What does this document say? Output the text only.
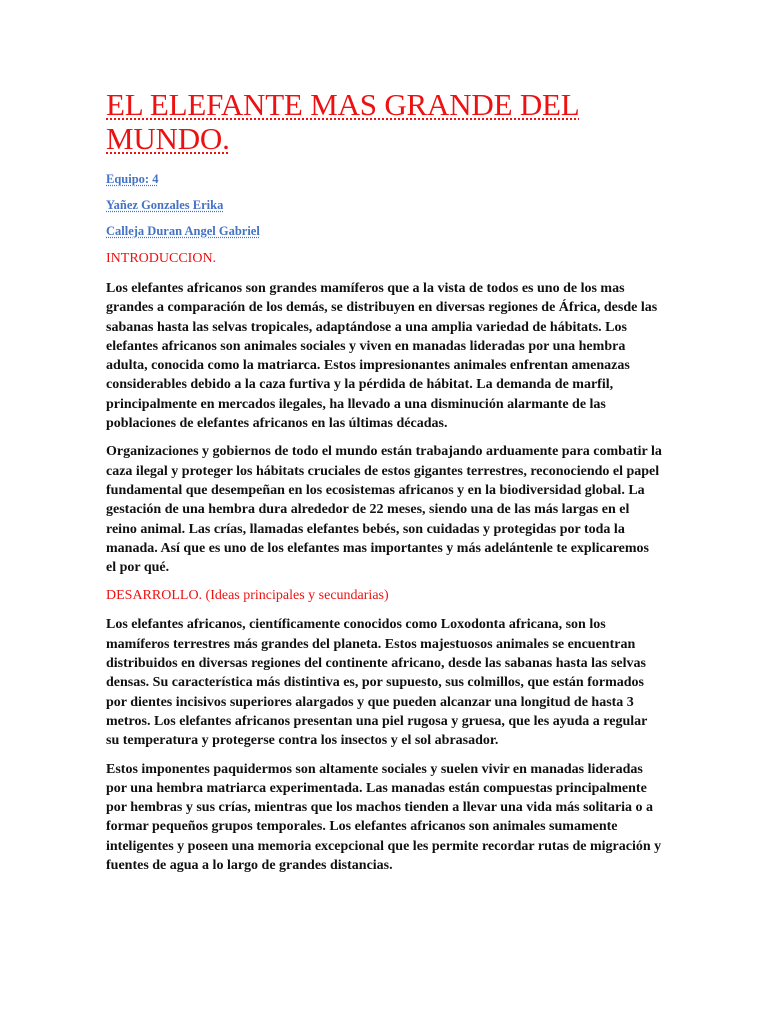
EL ELEFANTE MAS GRANDE DEL MUNDO.

Equipo: 4

Yañez Gonzales Erika

Calleja Duran Angel Gabriel

INTRODUCCION.

Los elefantes africanos son grandes mamíferos que a la vista de todos es uno de los mas grandes a comparación de los demás, se distribuyen en diversas regiones de África, desde las sabanas hasta las selvas tropicales, adaptándose a una amplia variedad de hábitats. Los elefantes africanos son animales sociales y viven en manadas lideradas por una hembra adulta, conocida como la matriarca. Estos impresionantes animales enfrentan amenazas considerables debido a la caza furtiva y la pérdida de hábitat. La demanda de marfil, principalmente en mercados ilegales, ha llevado a una disminución alarmante de las poblaciones de elefantes africanos en las últimas décadas.

Organizaciones y gobiernos de todo el mundo están trabajando arduamente para combatir la caza ilegal y proteger los hábitats cruciales de estos gigantes terrestres, reconociendo el papel fundamental que desempeñan en los ecosistemas africanos y en la biodiversidad global. La gestación de una hembra dura alrededor de 22 meses, siendo una de las más largas en el reino animal. Las crías, llamadas elefantes bebés, son cuidadas y protegidas por toda la manada. Así que es uno de los elefantes mas importantes y más adelántenle te explicaremos el por qué.

DESARROLLO. (Ideas principales y secundarias)

Los elefantes africanos, científicamente conocidos como Loxodonta africana, son los mamíferos terrestres más grandes del planeta. Estos majestuosos animales se encuentran distribuidos en diversas regiones del continente africano, desde las sabanas hasta las selvas densas. Su característica más distintiva es, por supuesto, sus colmillos, que están formados por dientes incisivos superiores alargados y que pueden alcanzar una longitud de hasta 3 metros. Los elefantes africanos presentan una piel rugosa y gruesa, que les ayuda a regular su temperatura y protegerse contra los insectos y el sol abrasador.

Estos imponentes paquidermos son altamente sociales y suelen vivir en manadas lideradas por una hembra matriarca experimentada. Las manadas están compuestas principalmente por hembras y sus crías, mientras que los machos tienden a llevar una vida más solitaria o a formar pequeños grupos temporales. Los elefantes africanos son animales sumamente inteligentes y poseen una memoria excepcional que les permite recordar rutas de migración y fuentes de agua a lo largo de grandes distancias.
